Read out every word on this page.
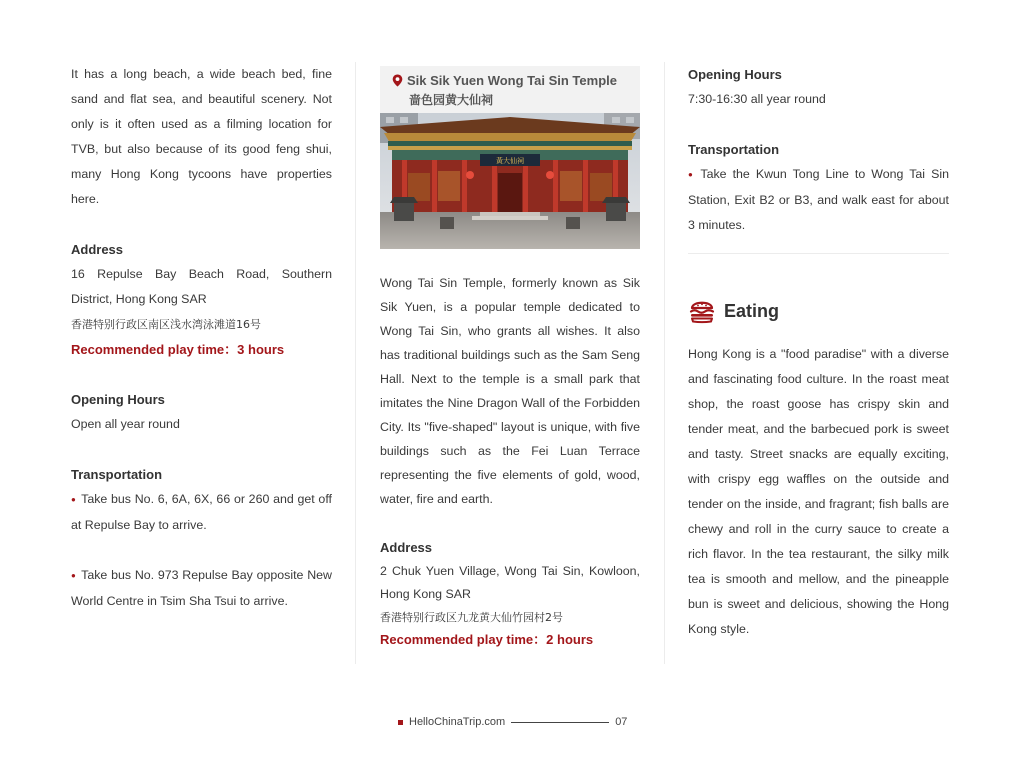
It has a long beach, a wide beach bed, fine sand and flat sea, and beautiful scenery. Not only is it often used as a filming location for TVB, but also because of its good feng shui, many Hong Kong tycoons have properties here.

Address

16 Repulse Bay Beach Road, Southern District, Hong Kong SAR

香港特别行政区南区浅水湾泳滩道16号

Recommended play time：3 hours

Opening Hours

Open all year round

Transportation

● Take bus No. 6, 6A, 6X, 66 or 260 and get off at Repulse Bay to arrive.

● Take bus No. 973 Repulse Bay opposite New World Centre in Tsim Sha Tsui to arrive.

Sik Sik Yuen Wong Tai Sin Temple
啬色园黄大仙祠
黃大仙祠

Wong Tai Sin Temple, formerly known as Sik Sik Yuen, is a popular temple dedicated to Wong Tai Sin, who grants all wishes. It also has traditional buildings such as the Sam Seng Hall. Next to the temple is a small park that imitates the Nine Dragon Wall of the Forbidden City. Its "five-shaped" layout is unique, with five buildings such as the Fei Luan Terrace representing the five elements of gold, wood, water, fire and earth.

Address

2 Chuk Yuen Village, Wong Tai Sin, Kowloon, Hong Kong SAR

香港特别行政区九龙黄大仙竹园村2号

Recommended play time：2 hours

Opening Hours

7:30-16:30 all year round

Transportation

● Take the Kwun Tong Line to Wong Tai Sin Station, Exit B2 or B3, and walk east for about 3 minutes.

Eating

Hong Kong is a "food paradise" with a diverse and fascinating food culture. In the roast meat shop, the roast goose has crispy skin and tender meat, and the barbecued pork is sweet and tasty. Street snacks are equally exciting, with crispy egg waffles on the outside and tender on the inside, and fragrant; fish balls are chewy and roll in the curry sauce to create a rich flavor. In the tea restaurant, the silky milk tea is smooth and mellow, and the pineapple bun is sweet and delicious, showing the Hong Kong style.

HelloChinaTrip.com	07
